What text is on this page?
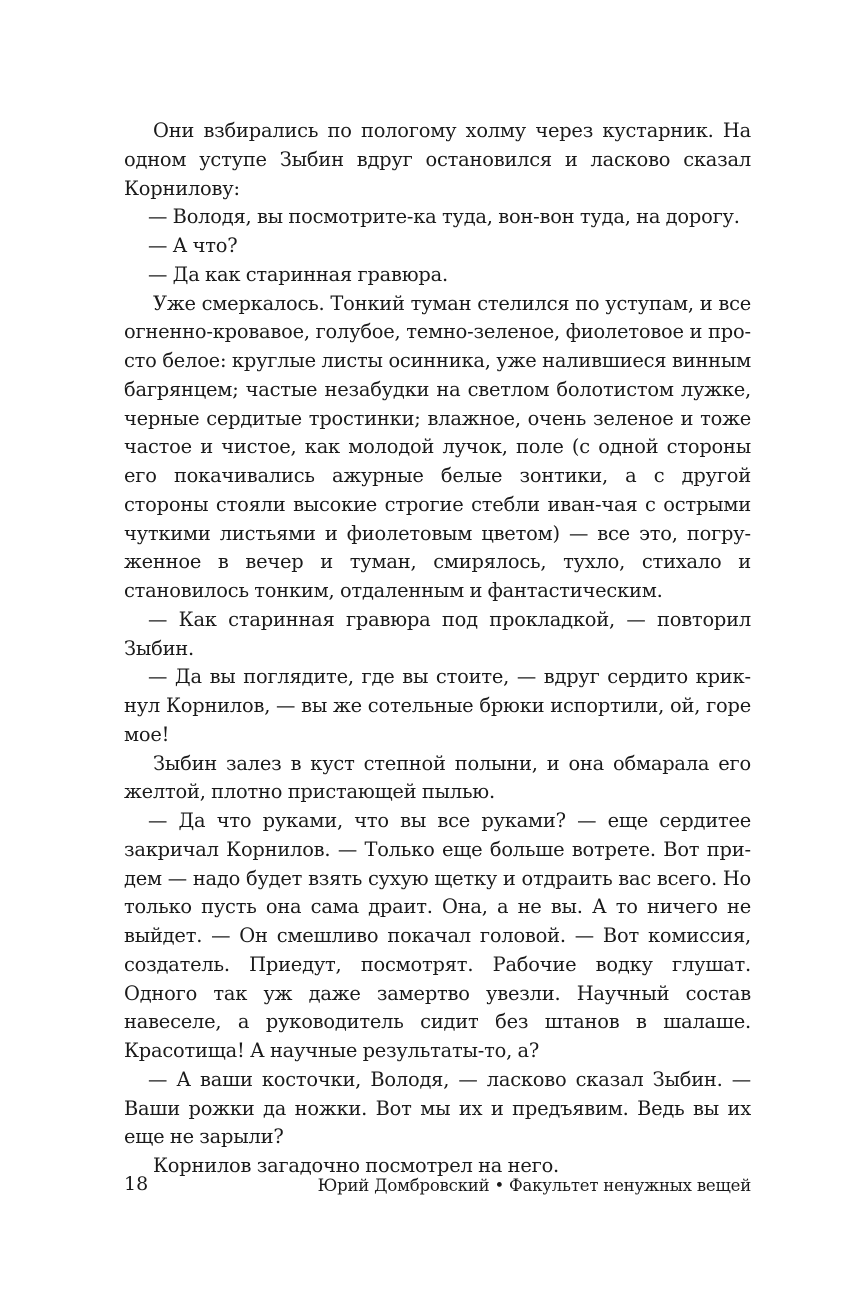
Они взбирались по пологому холму через кустарник. На одном уступе Зыбин вдруг остановился и ласково сказал Корнилову:

— Володя, вы посмотрите-ка туда, вон-вон туда, на дорогу.

— А что?

— Да как старинная гравюра.

Уже смеркалось. Тонкий туман стелился по уступам, и все огненно-кровавое, голубое, темно-зеленое, фиолетовое и просто белое: круглые листы осинника, уже налившиеся винным багрянцем; частые незабудки на светлом болотистом лужке, черные сердитые тростинки; влажное, очень зеленое и тоже частое и чистое, как молодой лучок, поле (с одной стороны его покачивались ажурные белые зонтики, а с другой стороны стояли высокие строгие стебли иван-чая с острыми чуткими листьями и фиолетовым цветом) — все это, погруженное в вечер и туман, смирялось, тухло, стихало и становилось тонким, отдаленным и фантастическим.

— Как старинная гравюра под прокладкой, — повторил Зыбин.

— Да вы поглядите, где вы стоите, — вдруг сердито крикнул Корнилов, — вы же сотельные брюки испортили, ой, горе мое!

Зыбин залез в куст степной полыни, и она обмарала его желтой, плотно пристающей пылью.

— Да что руками, что вы все руками? — еще сердитее закричал Корнилов. — Только еще больше вотрете. Вот придем — надо будет взять сухую щетку и отдраить вас всего. Но только пусть она сама драит. Она, а не вы. А то ничего не выйдет. — Он смешливо покачал головой. — Вот комиссия, создатель. Приедут, посмотрят. Рабочие водку глушат. Одного так уж даже замертво увезли. Научный состав навеселе, а руководитель сидит без штанов в шалаше. Красотища! А научные результаты-то, а?

— А ваши косточки, Володя, — ласково сказал Зыбин. — Ваши рожки да ножки. Вот мы их и предъявим. Ведь вы их еще не зарыли?

Корнилов загадочно посмотрел на него.

18	Юрий Домбровский • Факультет ненужных вещей
